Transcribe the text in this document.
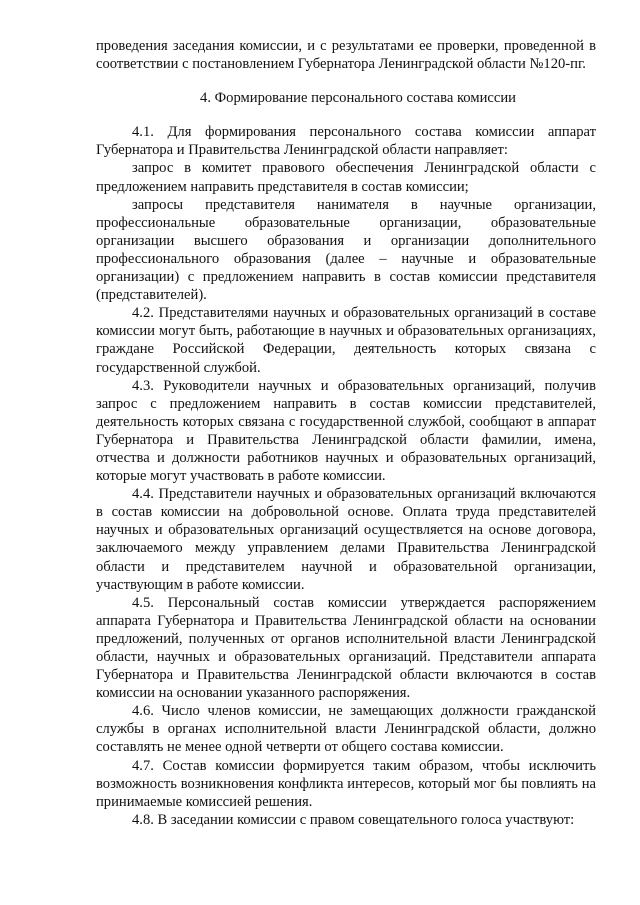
проведения заседания комиссии, и с результатами ее проверки, проведенной в соответствии с постановлением Губернатора Ленинградской области №120-пг.

4. Формирование персонального состава комиссии

4.1. Для формирования персонального состава комиссии аппарат Губернатора и Правительства Ленинградской области направляет:

запрос в комитет правового обеспечения Ленинградской области с предложением направить представителя в состав комиссии;

запросы представителя нанимателя в научные организации, профессиональные образовательные организации, образовательные организации высшего образования и организации дополнительного профессионального образования (далее – научные и образовательные организации) с предложением направить в состав комиссии представителя (представителей).

4.2. Представителями научных и образовательных организаций в составе комиссии могут быть, работающие в научных и образовательных организациях, граждане Российской Федерации, деятельность которых связана с государственной службой.

4.3. Руководители научных и образовательных организаций, получив запрос с предложением направить в состав комиссии представителей, деятельность которых связана с государственной службой, сообщают в аппарат Губернатора и Правительства Ленинградской области фамилии, имена, отчества и должности работников научных и образовательных организаций, которые могут участвовать в работе комиссии.

4.4. Представители научных и образовательных организаций включаются в состав комиссии на добровольной основе. Оплата труда представителей научных и образовательных организаций осуществляется на основе договора, заключаемого между управлением делами Правительства Ленинградской области и представителем научной и образовательной организации, участвующим в работе комиссии.

4.5. Персональный состав комиссии утверждается распоряжением аппарата Губернатора и Правительства Ленинградской области на основании предложений, полученных от органов исполнительной власти Ленинградской области, научных и образовательных организаций. Представители аппарата Губернатора и Правительства Ленинградской области включаются в состав комиссии на основании указанного распоряжения.

4.6. Число членов комиссии, не замещающих должности гражданской службы в органах исполнительной власти Ленинградской области, должно составлять не менее одной четверти от общего состава комиссии.

4.7. Состав комиссии формируется таким образом, чтобы исключить возможность возникновения конфликта интересов, который мог бы повлиять на принимаемые комиссией решения.

4.8. В заседании комиссии с правом совещательного голоса участвуют:
